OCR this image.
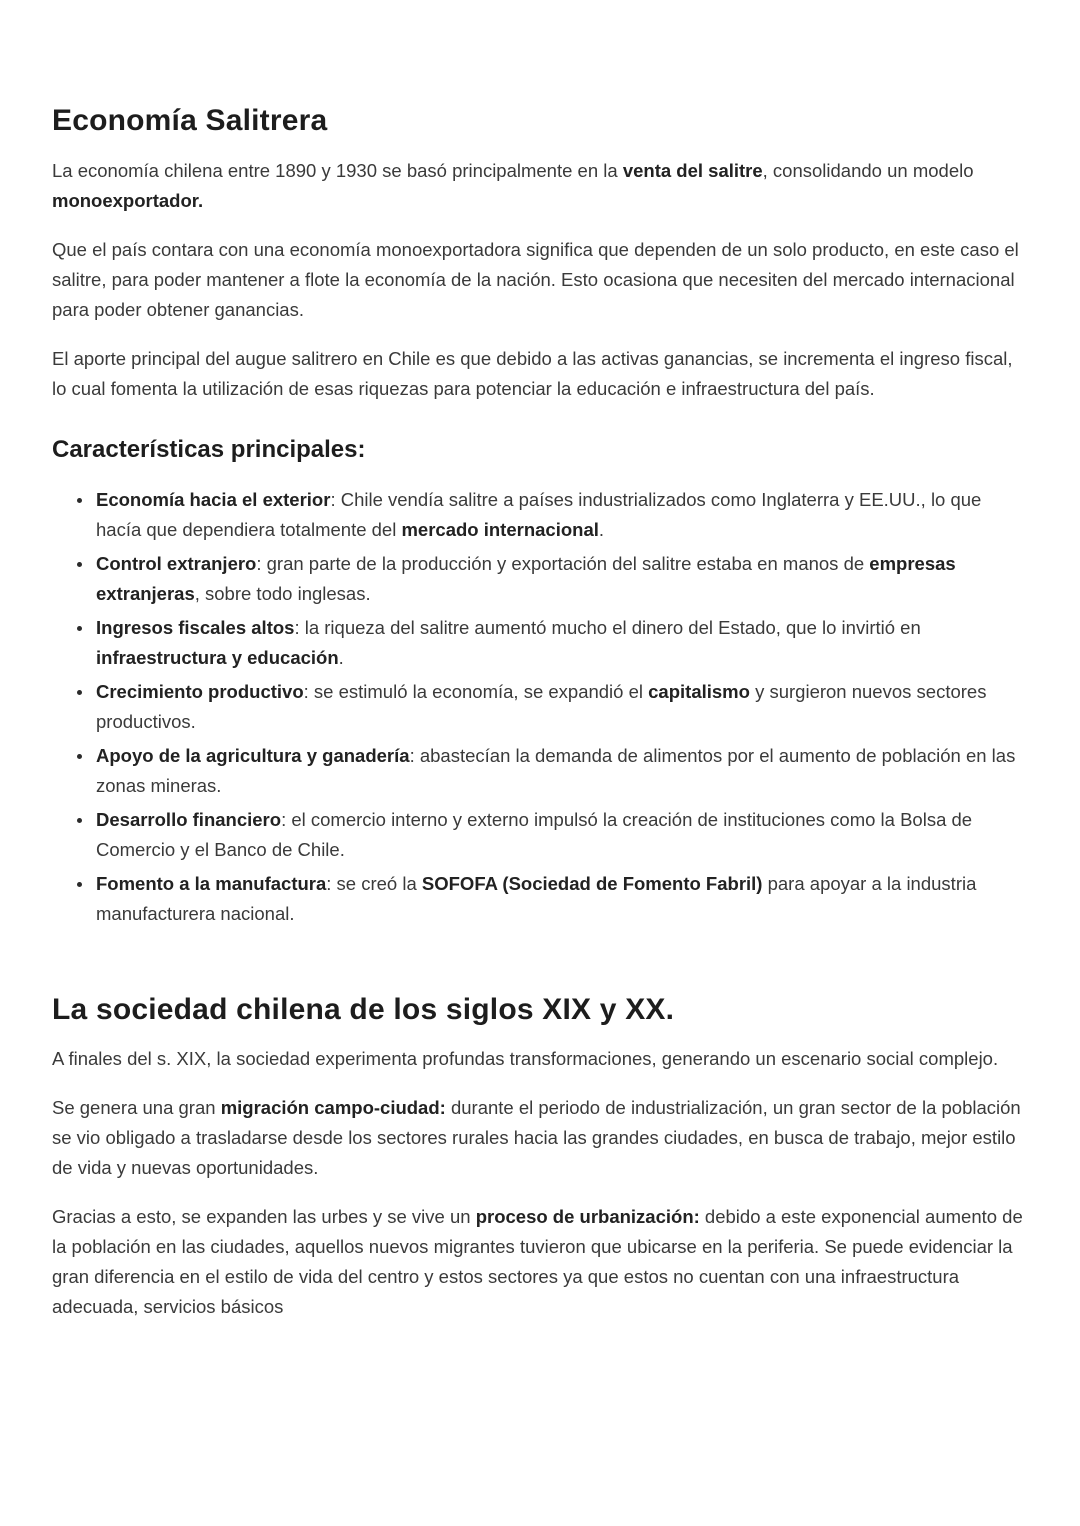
Economía Salitrera

La economía chilena entre 1890 y 1930 se basó principalmente en la venta del salitre, consolidando un modelo monoexportador.

Que el país contara con una economía monoexportadora significa que dependen de un solo producto, en este caso el salitre, para poder mantener a flote la economía de la nación. Esto ocasiona que necesiten del mercado internacional para poder obtener ganancias.

El aporte principal del augue salitrero en Chile es que debido a las activas ganancias, se incrementa el ingreso fiscal, lo cual fomenta la utilización de esas riquezas para potenciar la educación e infraestructura del país.

Características principales:
• Economía hacia el exterior: Chile vendía salitre a países industrializados como Inglaterra y EE.UU., lo que hacía que dependiera totalmente del mercado internacional.
• Control extranjero: gran parte de la producción y exportación del salitre estaba en manos de empresas extranjeras, sobre todo inglesas.
• Ingresos fiscales altos: la riqueza del salitre aumentó mucho el dinero del Estado, que lo invirtió en infraestructura y educación.
• Crecimiento productivo: se estimuló la economía, se expandió el capitalismo y surgieron nuevos sectores productivos.
• Apoyo de la agricultura y ganadería: abastecían la demanda de alimentos por el aumento de población en las zonas mineras.
• Desarrollo financiero: el comercio interno y externo impulsó la creación de instituciones como la Bolsa de Comercio y el Banco de Chile.
• Fomento a la manufactura: se creó la SOFOFA (Sociedad de Fomento Fabril) para apoyar a la industria manufacturera nacional.
La sociedad chilena de los siglos XIX y XX.

A finales del s. XIX, la sociedad experimenta profundas transformaciones, generando un escenario social complejo.

Se genera una gran migración campo-ciudad: durante el periodo de industrialización, un gran sector de la población se vio obligado a trasladarse desde los sectores rurales hacia las grandes ciudades, en busca de trabajo, mejor estilo de vida y nuevas oportunidades.

Gracias a esto, se expanden las urbes y se vive un proceso de urbanización: debido a este exponencial aumento de la población en las ciudades, aquellos nuevos migrantes tuvieron que ubicarse en la periferia. Se puede evidenciar la gran diferencia en el estilo de vida del centro y estos sectores ya que estos no cuentan con una infraestructura adecuada, servicios básicos
